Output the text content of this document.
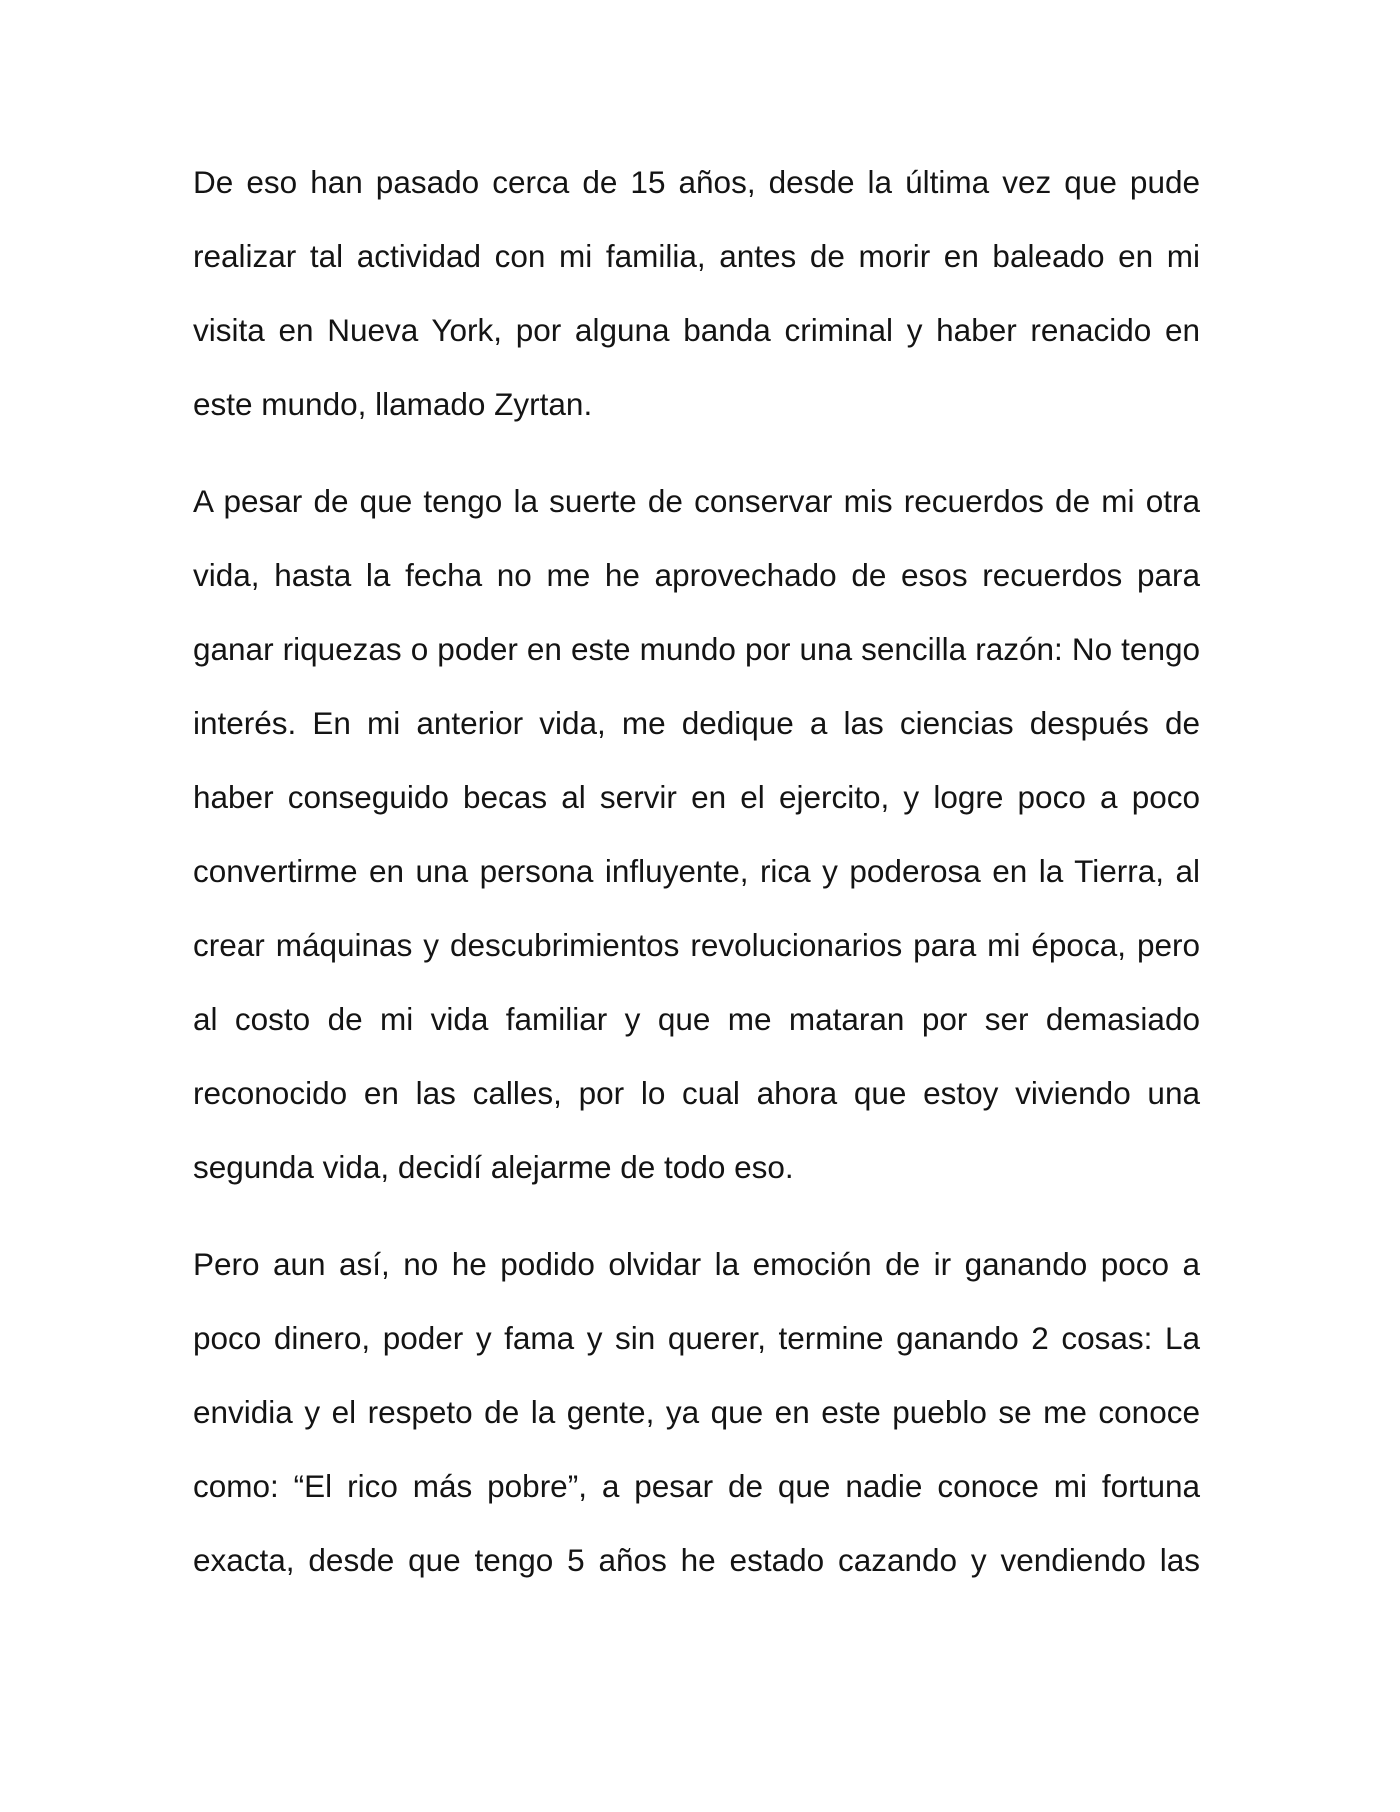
De eso han pasado cerca de 15 años, desde la última vez que pude realizar tal actividad con mi familia, antes de morir en baleado en mi visita en Nueva York, por alguna banda criminal y haber renacido en este mundo, llamado Zyrtan.

A pesar de que tengo la suerte de conservar mis recuerdos de mi otra vida, hasta la fecha no me he aprovechado de esos recuerdos para ganar riquezas o poder en este mundo por una sencilla razón: No tengo interés. En mi anterior vida, me dedique a las ciencias después de haber conseguido becas al servir en el ejercito, y logre poco a poco convertirme en una persona influyente, rica y poderosa en la Tierra, al crear máquinas y descubrimientos revolucionarios para mi época, pero al costo de mi vida familiar y que me mataran por ser demasiado reconocido en las calles, por lo cual ahora que estoy viviendo una segunda vida, decidí alejarme de todo eso.

Pero aun así, no he podido olvidar la emoción de ir ganando poco a poco dinero, poder y fama y sin querer, termine ganando 2 cosas: La envidia y el respeto de la gente, ya que en este pueblo se me conoce como: “El rico más pobre”, a pesar de que nadie conoce mi fortuna exacta, desde que tengo 5 años he estado cazando y vendiendo las
